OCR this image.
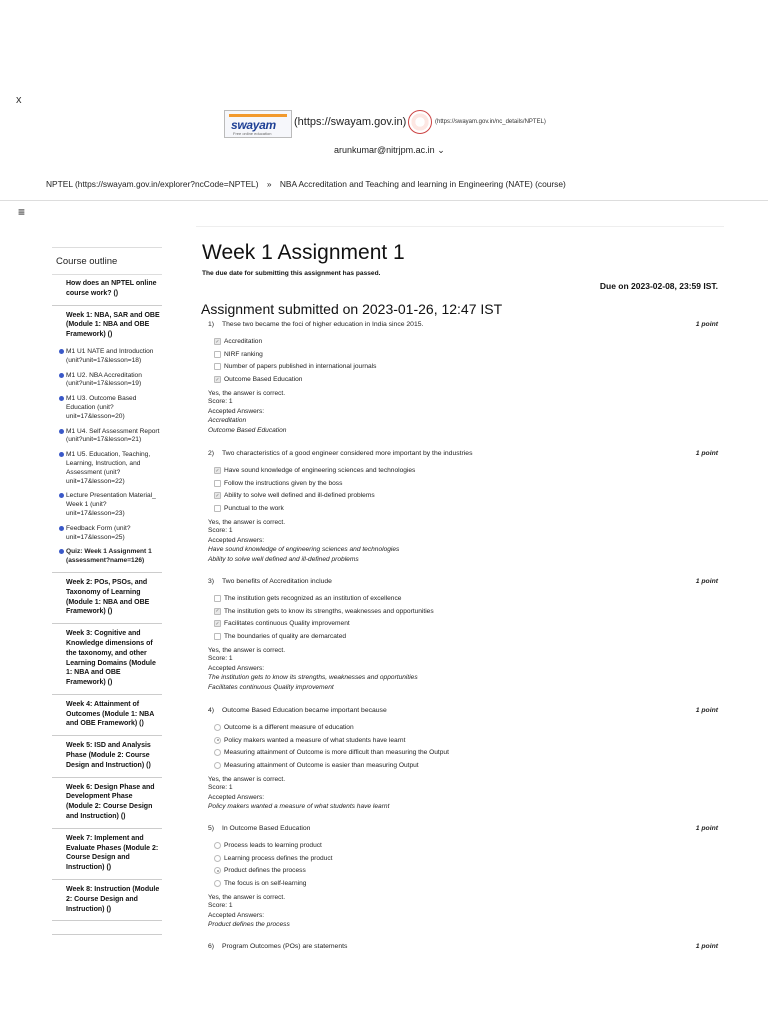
x
swayam
Free online education
(https://swayam.gov.in)	(https://swayam.gov.in/nc_details/NPTEL)
arunkumar@nitrjpm.ac.in ⌄
NPTEL (https://swayam.gov.in/explorer?ncCode=NPTEL) » NBA Accreditation and Teaching and learning in Engineering (NATE) (course)
≡
Course outline
How does an NPTEL online course work? ()
Week 1: NBA, SAR and OBE (Module 1: NBA and OBE Framework) ()
M1 U1 NATE and Introduction (unit?unit=17&lesson=18)
M1 U2. NBA Accreditation (unit?unit=17&lesson=19)
M1 U3. Outcome Based Education (unit?unit=17&lesson=20)
M1 U4. Self Assessment Report (unit?unit=17&lesson=21)
M1 U5. Education, Teaching, Learning, Instruction, and Assessment (unit?unit=17&lesson=22)
Lecture Presentation Material_ Week 1 (unit?unit=17&lesson=23)
Feedback Form (unit?unit=17&lesson=25)
Quiz: Week 1 Assignment 1 (assessment?name=126)
Week 2: POs, PSOs, and Taxonomy of Learning (Module 1: NBA and OBE Framework) ()
Week 3: Cognitive and Knowledge dimensions of the taxonomy, and other Learning Domains (Module 1: NBA and OBE Framework) ()
Week 4: Attainment of Outcomes (Module 1: NBA and OBE Framework) ()
Week 5: ISD and Analysis Phase (Module 2: Course Design and Instruction) ()
Week 6: Design Phase and Development Phase (Module 2: Course Design and Instruction) ()
Week 7: Implement and Evaluate Phases (Module 2: Course Design and Instruction) ()
Week 8: Instruction (Module 2: Course Design and Instruction) ()
Week 1 Assignment 1
The due date for submitting this assignment has passed.
Due on 2023-02-08, 23:59 IST.
Assignment submitted on 2023-01-26, 12:47 IST
1) These two became the foci of higher education in India since 2015.	1 point
✓ Accreditation
NIRF ranking
Number of papers published in international journals
✓ Outcome Based Education
Yes, the answer is correct.
Score: 1
Accepted Answers:
Accreditation
Outcome Based Education
2) Two characteristics of a good engineer considered more important by the industries	1 point
✓ Have sound knowledge of engineering sciences and technologies
Follow the instructions given by the boss
✓ Ability to solve well defined and ill-defined problems
Punctual to the work
Yes, the answer is correct.
Score: 1
Accepted Answers:
Have sound knowledge of engineering sciences and technologies
Ability to solve well defined and ill-defined problems
3) Two benefits of Accreditation include	1 point
The institution gets recognized as an institution of excellence
✓ The institution gets to know its strengths, weaknesses and opportunities
✓ Facilitates continuous Quality improvement
The boundaries of quality are demarcated
Yes, the answer is correct.
Score: 1
Accepted Answers:
The institution gets to know its strengths, weaknesses and opportunities
Facilitates continuous Quality improvement
4) Outcome Based Education became important because	1 point
Outcome is a different measure of education
Policy makers wanted a measure of what students have learnt
Measuring attainment of Outcome is more difficult than measuring the Output
Measuring attainment of Outcome is easier than measuring Output
Yes, the answer is correct.
Score: 1
Accepted Answers:
Policy makers wanted a measure of what students have learnt
5) In Outcome Based Education	1 point
Process leads to learning product
Learning process defines the product
Product defines the process
The focus is on self-learning
Yes, the answer is correct.
Score: 1
Accepted Answers:
Product defines the process
6) Program Outcomes (POs) are statements	1 point
